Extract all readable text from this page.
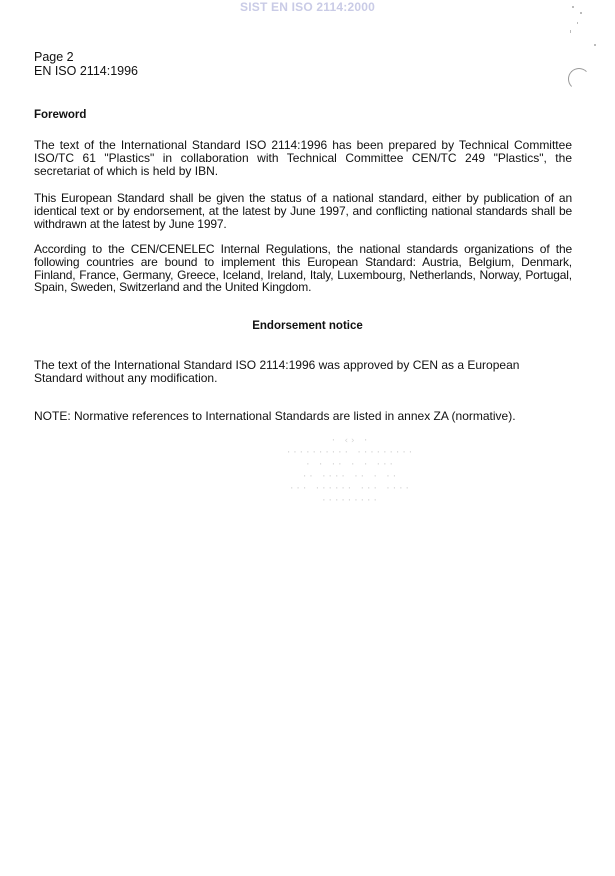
SIST EN ISO 2114:2000
Page 2
EN ISO 2114:1996
Foreword
The text of the International Standard ISO 2114:1996 has been prepared by Technical Committee ISO/TC 61 "Plastics" in collaboration with Technical Committee CEN/TC 249 "Plastics", the secretariat of which is held by IBN.
This European Standard shall be given the status of a national standard, either by publication of an identical text or by endorsement, at the latest by June 1997, and conflicting national standards shall be withdrawn at the latest by June 1997.
According to the CEN/CENELEC Internal Regulations, the national standards organizations of the following countries are bound to implement this European Standard: Austria, Belgium, Denmark, Finland, France, Germany, Greece, Iceland, Ireland, Italy, Luxembourg, Netherlands, Norway, Portugal, Spain, Sweden, Switzerland and the United Kingdom.
Endorsement notice
The text of the International Standard ISO 2114:1996 was approved by CEN as a European Standard without any modification.
NOTE: Normative references to International Standards are listed in annex ZA (normative).
· ‹› ·
·········· ·········
· · ·· · · ···
·· ···· ·· · ··
··· ······ ··· ····
·········
